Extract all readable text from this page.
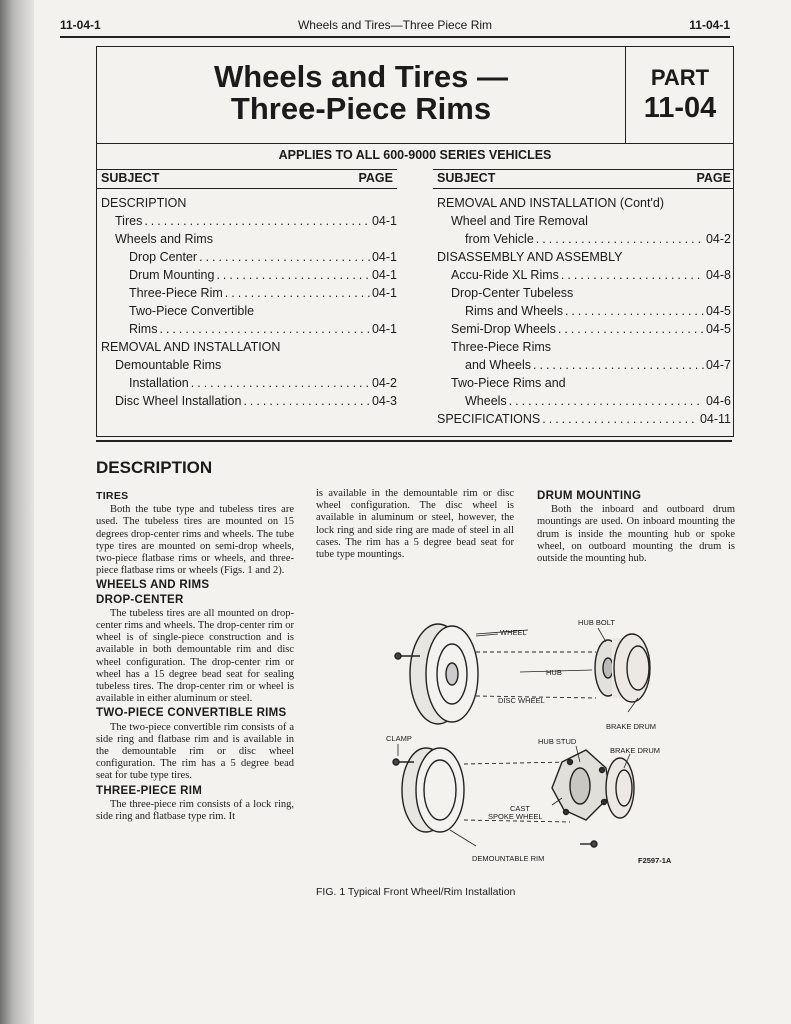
11-04-1	Wheels and Tires—Three Piece Rim	11-04-1
Wheels and Tires —
Three-Piece Rims
PART
11-04
APPLIES TO ALL 600-9000 SERIES VEHICLES
SUBJECT	PAGE	SUBJECT	PAGE
DESCRIPTION
Tires .....	04-1
Wheels and Rims
Drop Center .....	04-1
Drum Mounting .....	04-1
Three-Piece Rim .....	04-1
Two-Piece Convertible
Rims .....	04-1
REMOVAL AND INSTALLATION
Demountable Rims
Installation .....	04-2
Disc Wheel Installation .....	04-3
REMOVAL AND INSTALLATION (Cont'd)
Wheel and Tire Removal
from Vehicle .....	04-2
DISASSEMBLY AND ASSEMBLY
Accu-Ride XL Rims .....	04-8
Drop-Center Tubeless
Rims and Wheels .....	04-5
Semi-Drop Wheels .....	04-5
Three-Piece Rims
and Wheels .....	04-7
Two-Piece Rims and
Wheels .....	04-6
SPECIFICATIONS .....	04-11
DESCRIPTION
TIRES

Both the tube type and tubeless tires are used. The tubeless tires are mounted on 15 degrees drop-center rims and wheels. The tube type tires are mounted on semi-drop wheels, two-piece flatbase rims or wheels, and three-piece flatbase rims or wheels (Figs. 1 and 2).

WHEELS AND RIMS
DROP-CENTER

The tubeless tires are all mounted on drop-center rims and wheels. The drop-center rim or wheel is of single-piece construction and is available in both demountable rim and disc wheel configuration. The drop-center rim or wheel has a 15 degree bead seat for sealing tubeless tires. The drop-center rim or wheel is available in either aluminum or steel.

TWO-PIECE CONVERTIBLE RIMS

The two-piece convertible rim consists of a side ring and flatbase rim and is available in the demountable rim or disc wheel configuration. The rim has a 5 degree bead seat for tube type tires.

THREE-PIECE RIM

The three-piece rim consists of a lock ring, side ring and flatbase type rim. It

is available in the demountable rim or disc wheel configuration. The disc wheel is available in aluminum or steel, however, the lock ring and side ring are made of steel in all cases. The rim has a 5 degree bead seat for tube type mountings.

DRUM MOUNTING

Both the inboard and outboard drum mountings are used. On inboard mounting the drum is inside the mounting hub or spoke wheel, on outboard mounting the drum is outside the mounting hub.

WHEEL
HUB BOLT
HUB
DISC WHEEL
BRAKE DRUM
CLAMP	HUB STUD
BRAKE DRUM
CAST
SPOKE WHEEL
DEMOUNTABLE RIM	F2597-1A
FIG. 1 Typical Front Wheel/Rim Installation
